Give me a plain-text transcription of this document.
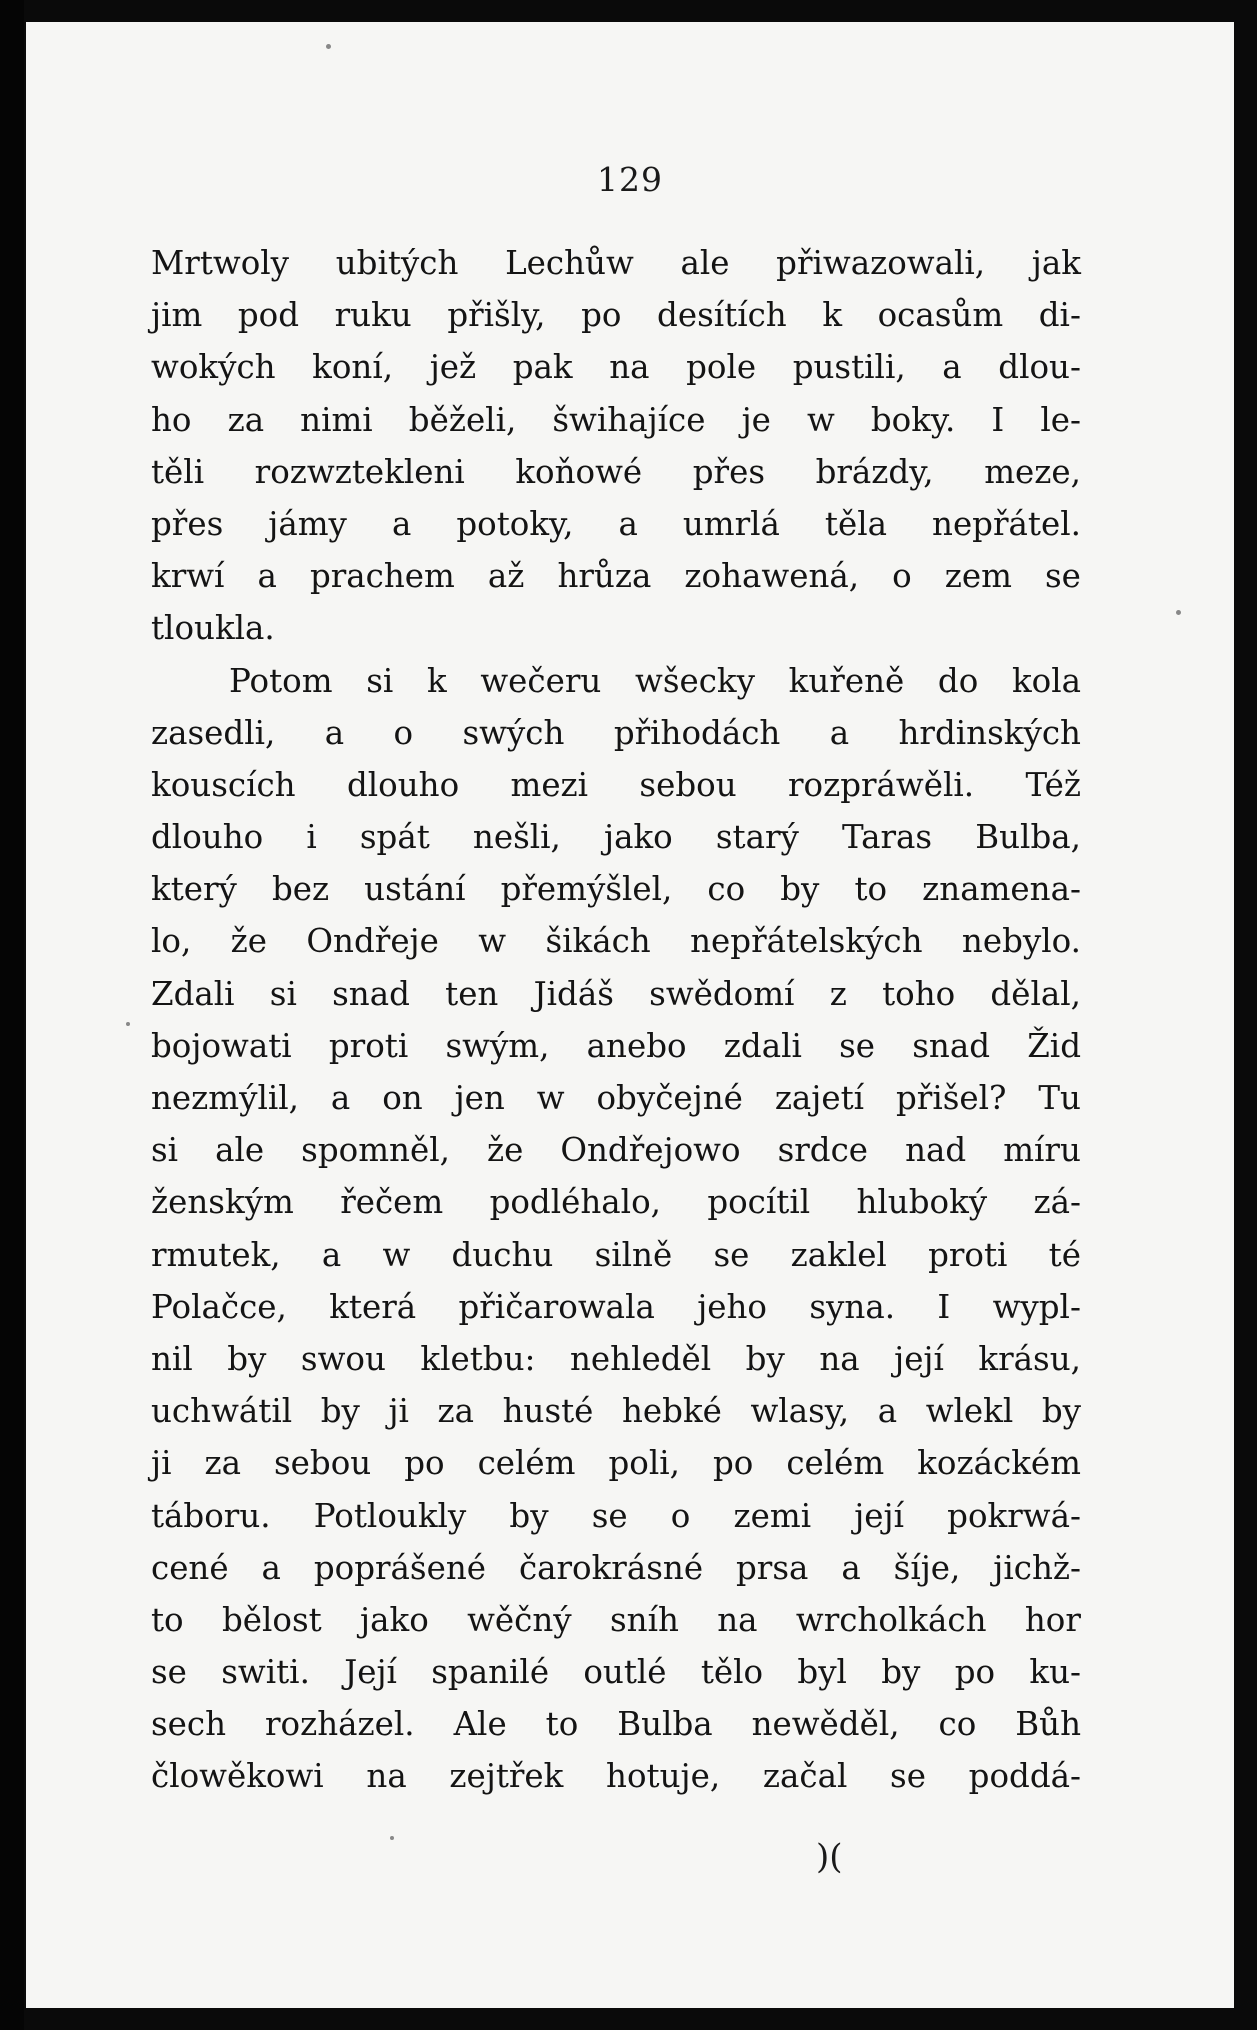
129
Mrtwoly ubitých Lechůw ale přiwazowali, jak
jim pod ruku přišly, po desítích k ocasům di-
wokých koní, jež pak na pole pustili, a dlou-
ho za nimi běželi, šwihajíce je w boky. I le-
těli rozwztekleni koňowé přes brázdy, meze,
přes jámy a potoky, a umrlá těla nepřátel.
krwí a prachem až hrůza zohawená, o zem se
tloukla.
Potom si k wečeru wšecky kuřeně do kola
zasedli, a o swých přihodách a hrdinských
kouscích dlouho mezi sebou rozpráwěli. Též
dlouho i spát nešli, jako starý Taras Bulba,
který bez ustání přemýšlel, co by to znamena-
lo, že Ondřeje w šikách nepřátelských nebylo.
Zdali si snad ten Jidáš swědomí z toho dělal,
bojowati proti swým, anebo zdali se snad Žid
nezmýlil, a on jen w obyčejné zajetí přišel? Tu
si ale spomněl, že Ondřejowo srdce nad míru
ženským řečem podléhalo, pocítil hluboký zá-
rmutek, a w duchu silně se zaklel proti té
Polačce, která přičarowala jeho syna. I wypl-
nil by swou kletbu: nehleděl by na její krásu,
uchwátil by ji za husté hebké wlasy, a wlekl by
ji za sebou po celém poli, po celém kozáckém
táboru. Potloukly by se o zemi její pokrwá-
cené a poprášené čarokrásné prsa a šíje, jichž-
to bělost jako wěčný sníh na wrcholkách hor
se switi. Její spanilé outlé tělo byl by po ku-
sech rozházel. Ale to Bulba newěděl, co Bůh
člowěkowi na zejtřek hotuje, začal se poddá-
)(
